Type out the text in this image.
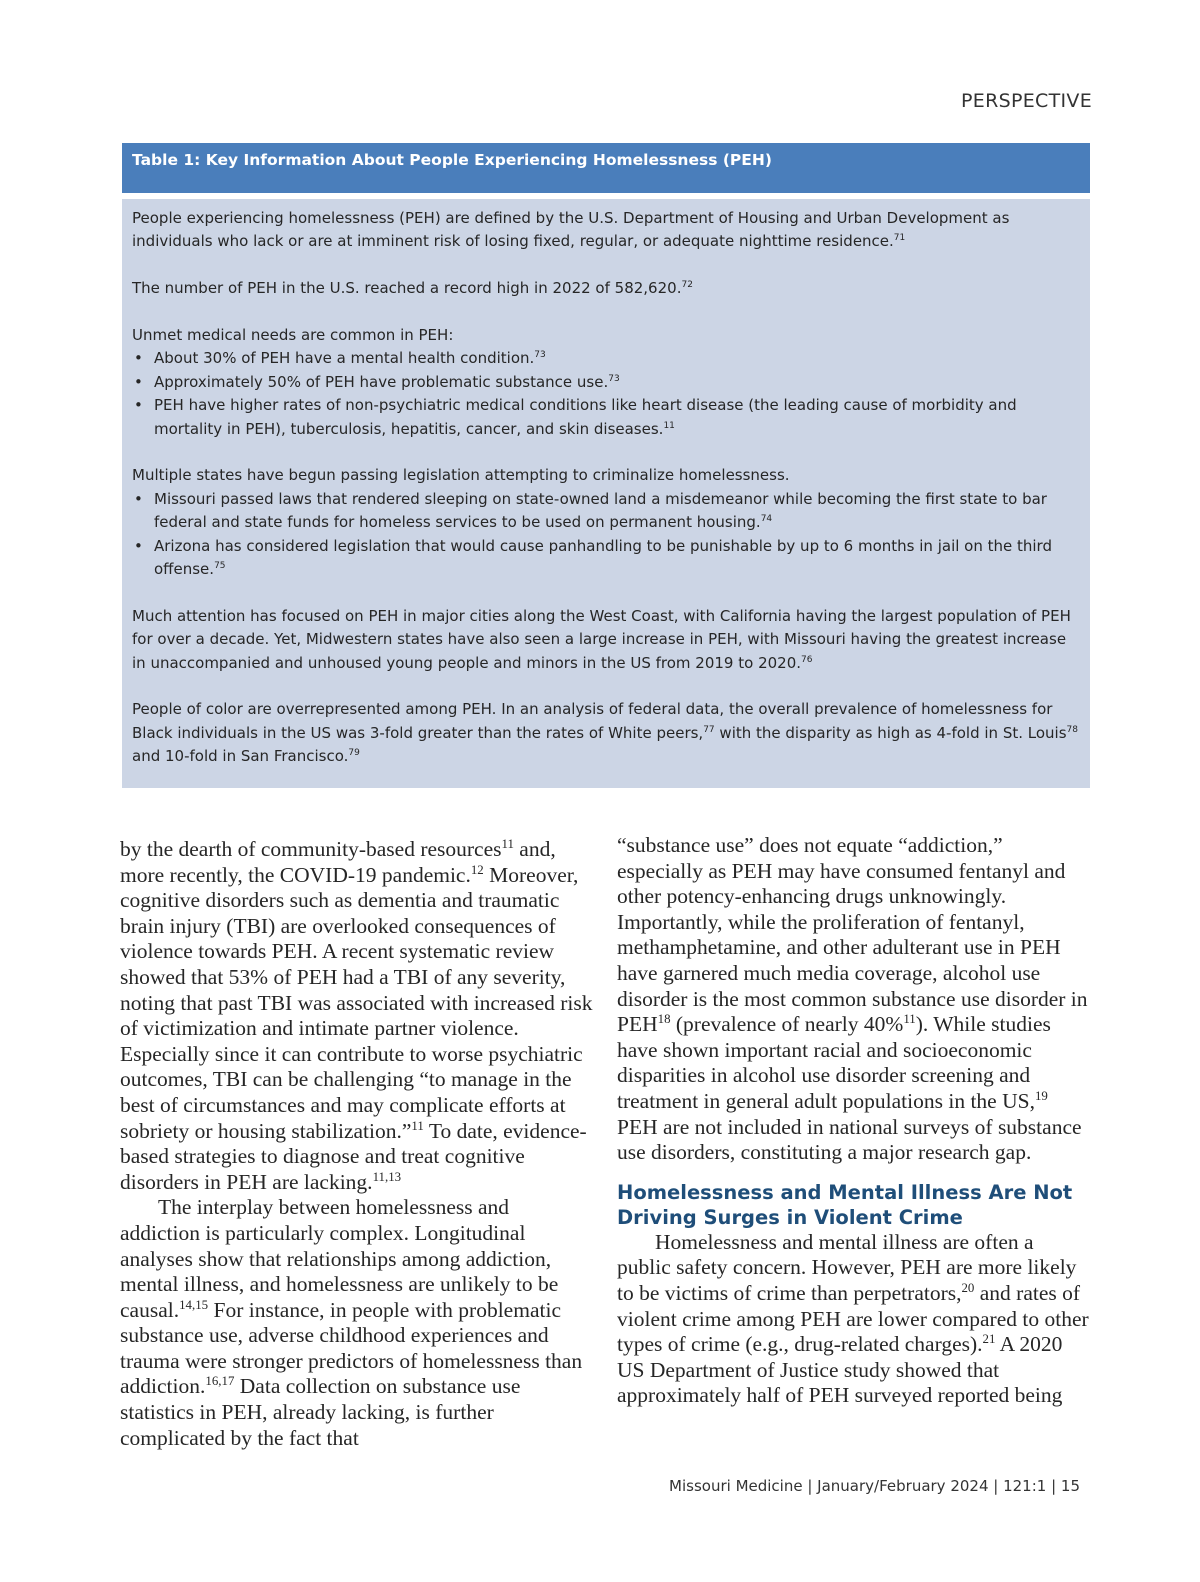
PERSPECTIVE
Table 1: Key Information About People Experiencing Homelessness (PEH)

People experiencing homelessness (PEH) are defined by the U.S. Department of Housing and Urban Development as individuals who lack or are at imminent risk of losing fixed, regular, or adequate nighttime residence.$^{71}$

The number of PEH in the U.S. reached a record high in 2022 of 582,620.72

Unmet medical needs are common in PEH:

• About 30% of PEH have a mental health condition.$^{73}$
• Approximately 50% of PEH have problematic substance use.$^{73}$
• PEH have higher rates of non-psychiatric medical conditions like heart disease (the leading cause of morbidity and mortality in PEH), tuberculosis, hepatitis, cancer, and skin diseases.$^{11}$

Multiple states have begun passing legislation attempting to criminalize homelessness.

• Missouri passed laws that rendered sleeping on state-owned land a misdemeanor while becoming the first state to bar federal and state funds for homeless services to be used on permanent housing.$^{74}$
• Arizona has considered legislation that would cause panhandling to be punishable by up to 6 months in jail on the third offense.$^{75}$

Much attention has focused on PEH in major cities along the West Coast, with California having the largest population of PEH for over a decade. Yet, Midwestern states have also seen a large increase in PEH, with Missouri having the greatest increase in unaccompanied and unhoused young people and minors in the US from 2019 to 2020.76

People of color are overrepresented among PEH. In an analysis of federal data, the overall prevalence of homelessness for Black individuals in the US was 3-fold greater than the rates of White peers,$^{77}$ with the disparity as high as 4-fold in St. Louis$^{78}$ and 10-fold in San Francisco.$^{79}$

by the dearth of community-based resources$^{11}$ and, more recently, the COVID-19 pandemic.$^{12}$ Moreover, cognitive disorders such as dementia and traumatic brain injury (TBI) are overlooked consequences of violence towards PEH. A recent systematic review showed that 53% of PEH had a TBI of any severity, noting that past TBI was associated with increased risk of victimization and intimate partner violence. Especially since it can contribute to worse psychiatric outcomes, TBI can be challenging “to manage in the best of circumstances and may complicate efforts at sobriety or housing stabilization.”$^{11}$ To date, evidence-based strategies to diagnose and treat cognitive disorders in PEH are lacking.$^{11,13}$

The interplay between homelessness and addiction is particularly complex. Longitudinal analyses show that relationships among addiction, mental illness, and homelessness are unlikely to be causal.$^{14,15}$ For instance, in people with problematic substance use, adverse childhood experiences and trauma were stronger predictors of homelessness than addiction.$^{16,17}$ Data collection on substance use statistics in PEH, already lacking, is further complicated by the fact that

“substance use” does not equate “addiction,” especially as PEH may have consumed fentanyl and other potency-enhancing drugs unknowingly. Importantly, while the proliferation of fentanyl, methamphetamine, and other adulterant use in PEH have garnered much media coverage, alcohol use disorder is the most common substance use disorder in PEH$^{18}$ (prevalence of nearly 40%$^{11}$). While studies have shown important racial and socioeconomic disparities in alcohol use disorder screening and treatment in general adult populations in the US,$^{19}$ PEH are not included in national surveys of substance use disorders, constituting a major research gap.

Homelessness and Mental Illness Are Not Driving Surges in Violent Crime

Homelessness and mental illness are often a public safety concern. However, PEH are more likely to be victims of crime than perpetrators,$^{20}$ and rates of violent crime among PEH are lower compared to other types of crime (e.g., drug-related charges).$^{21}$ A 2020 US Department of Justice study showed that approximately half of PEH surveyed reported being

Missouri Medicine | January/February 2024 | 121:1 | 15
